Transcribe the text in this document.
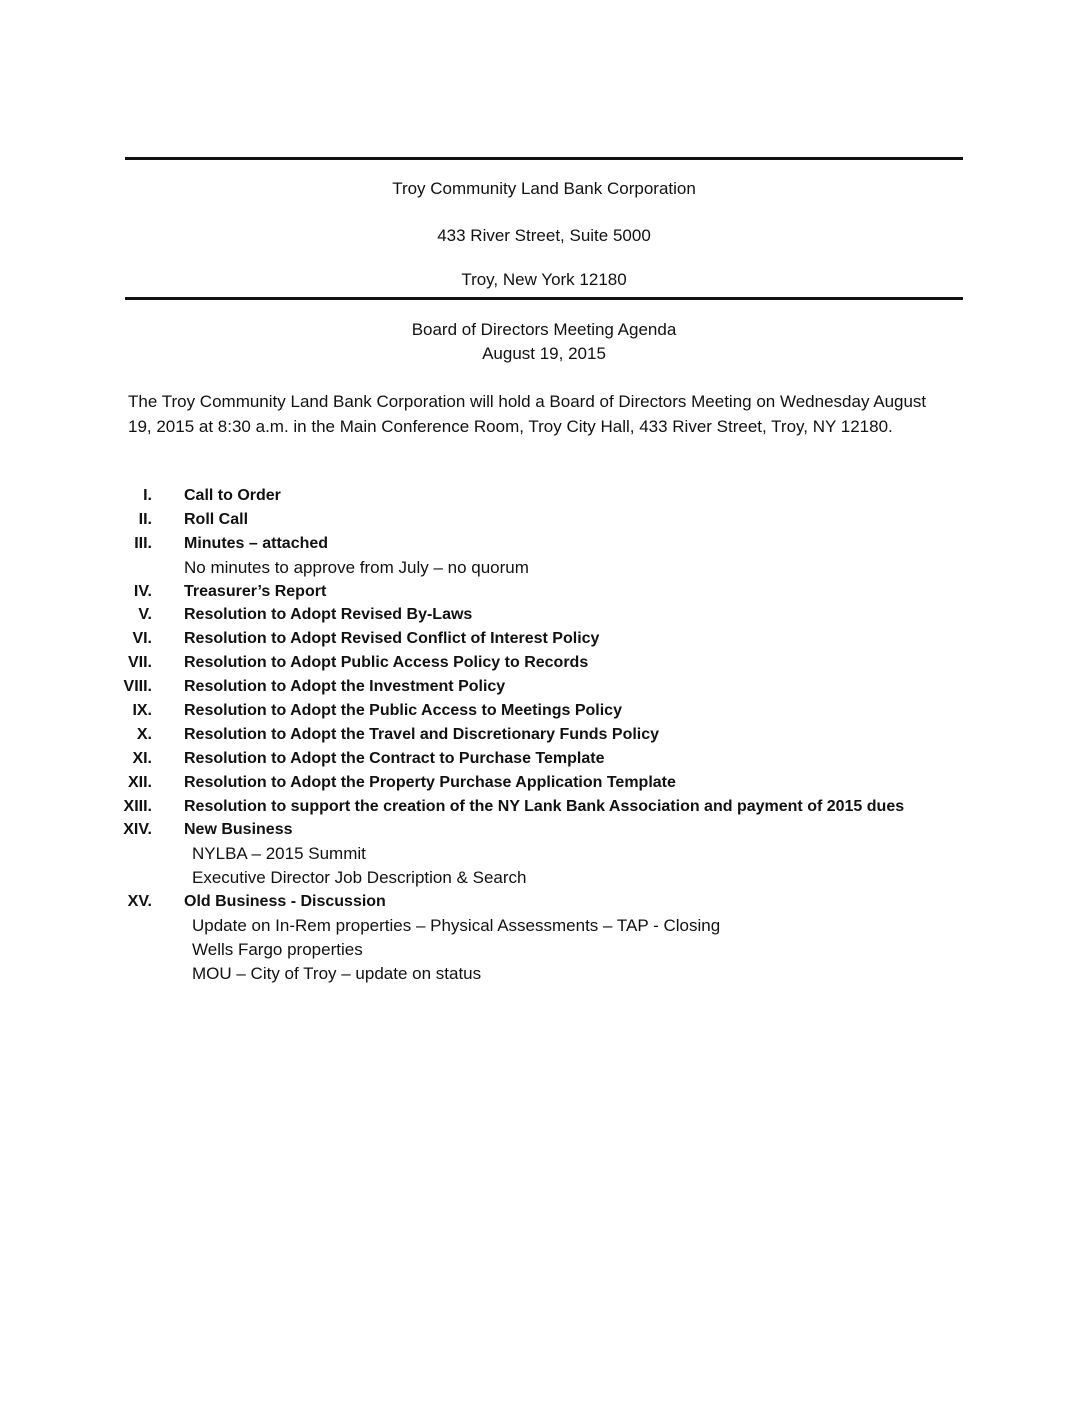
Troy Community Land Bank Corporation
433 River Street, Suite 5000
Troy, New York 12180
Board of Directors Meeting Agenda
August 19, 2015
The Troy Community Land Bank Corporation will hold a Board of Directors Meeting on Wednesday August 19, 2015 at 8:30 a.m. in the Main Conference Room, Troy City Hall, 433 River Street, Troy, NY 12180.
I. Call to Order
II. Roll Call
III. Minutes – attached
No minutes to approve from July – no quorum
IV. Treasurer’s Report
V. Resolution to Adopt Revised By-Laws
VI. Resolution to Adopt Revised Conflict of Interest Policy
VII. Resolution to Adopt Public Access Policy to Records
VIII. Resolution to Adopt the Investment Policy
IX. Resolution to Adopt the Public Access to Meetings Policy
X. Resolution to Adopt the Travel and Discretionary Funds Policy
XI. Resolution to Adopt the Contract to Purchase Template
XII. Resolution to Adopt the Property Purchase Application Template
XIII. Resolution to support the creation of the NY Lank Bank Association and payment of 2015 dues
XIV. New Business
NYLBA – 2015 Summit
Executive Director Job Description & Search
XV. Old Business - Discussion
Update on In-Rem properties – Physical Assessments – TAP - Closing
Wells Fargo properties
MOU – City of Troy – update on status
